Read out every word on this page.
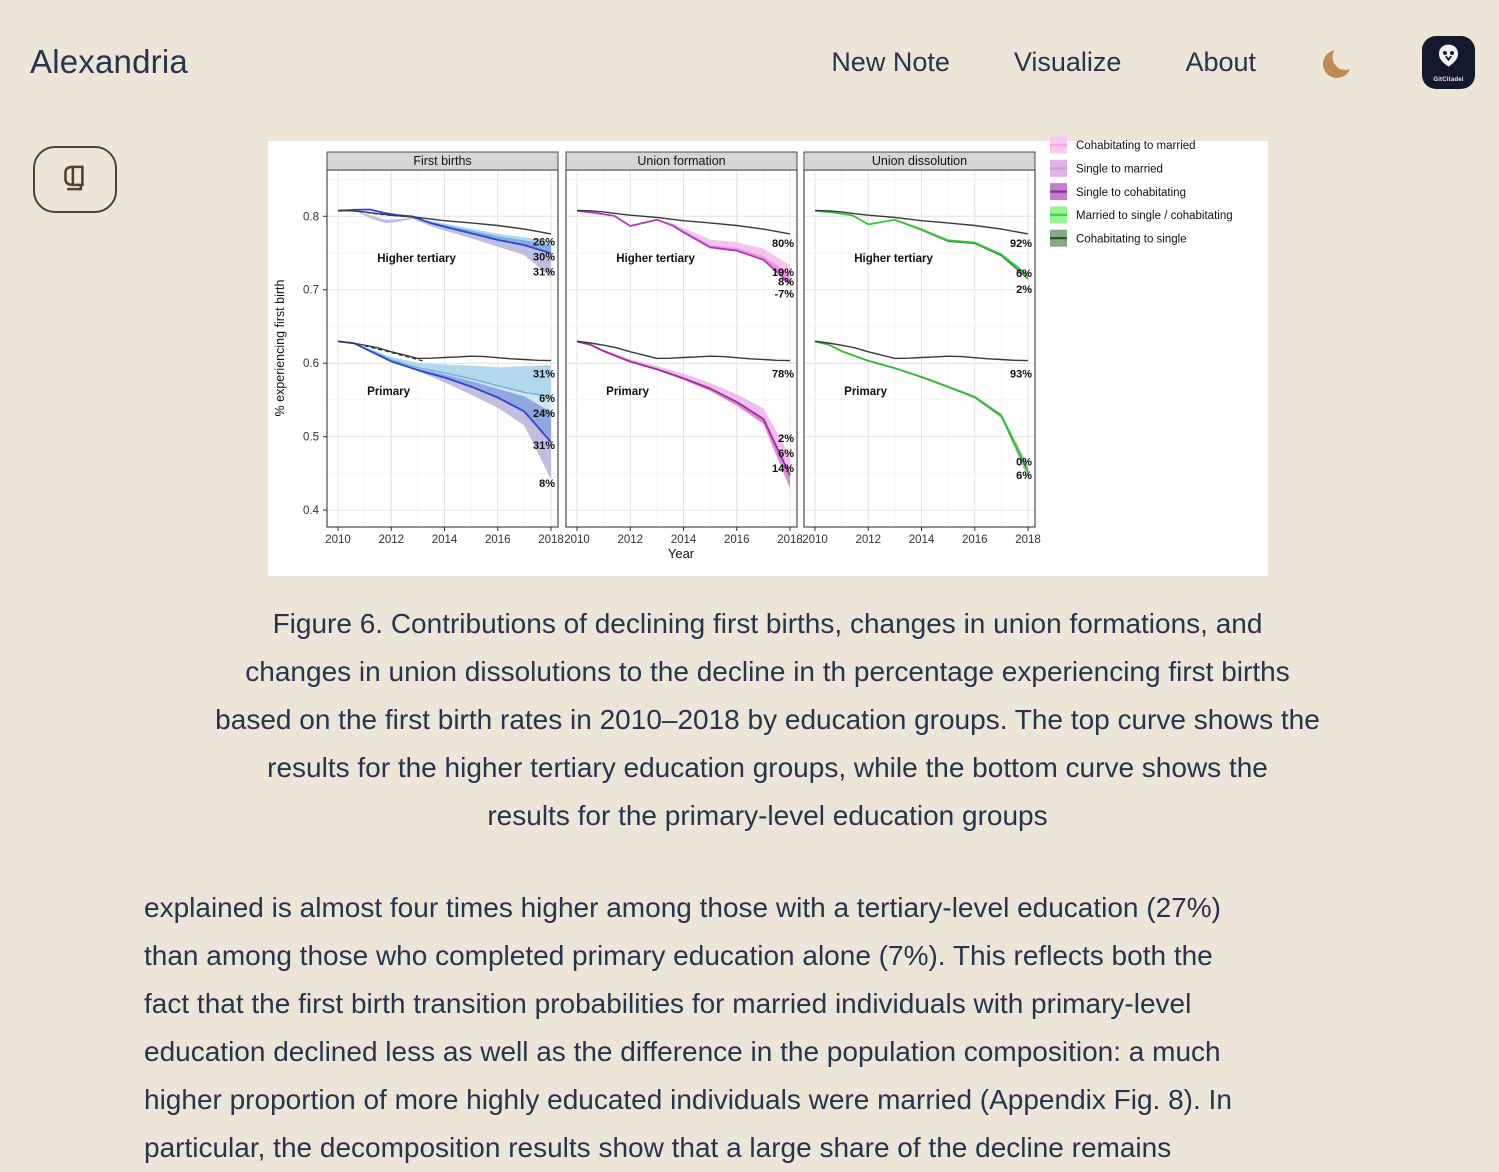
Alexandria	New Note Visualize About
GitCitadel
Higher tertiary
26%
30%
31%
Primary
31%
6%
24%
31%
8%
First births
2010 2012 2014 2016 2018
Higher tertiary
80%
19%
8%
-7%
Primary
78%
2%
6%
14%
Union formation
2010 2012 2014 2016 2018
Higher tertiary
92%
6%
2%
Primary
93%
0%
6%
Union dissolution
2010 2012 2014 2016 2018
0.4
0.5
0.6
0.7
0.8
Year
% experiencing first birth
Cohabitating to married
Single to married
Single to cohabitating
Married to single / cohabitating
Cohabitating to single
Figure 6. Contributions of declining first births, changes in union formations, and
changes in union dissolutions to the decline in th percentage experiencing first births
based on the first birth rates in 2010–2018 by education groups. The top curve shows the
results for the higher tertiary education groups, while the bottom curve shows the
results for the primary-level education groups
explained is almost four times higher among those with a tertiary-level education (27%)
than among those who completed primary education alone (7%). This reflects both the
fact that the first birth transition probabilities for married individuals with primary-level
education declined less as well as the difference in the population composition: a much
higher proportion of more highly educated individuals were married (Appendix Fig. 8). In
particular, the decomposition results show that a large share of the decline remains
